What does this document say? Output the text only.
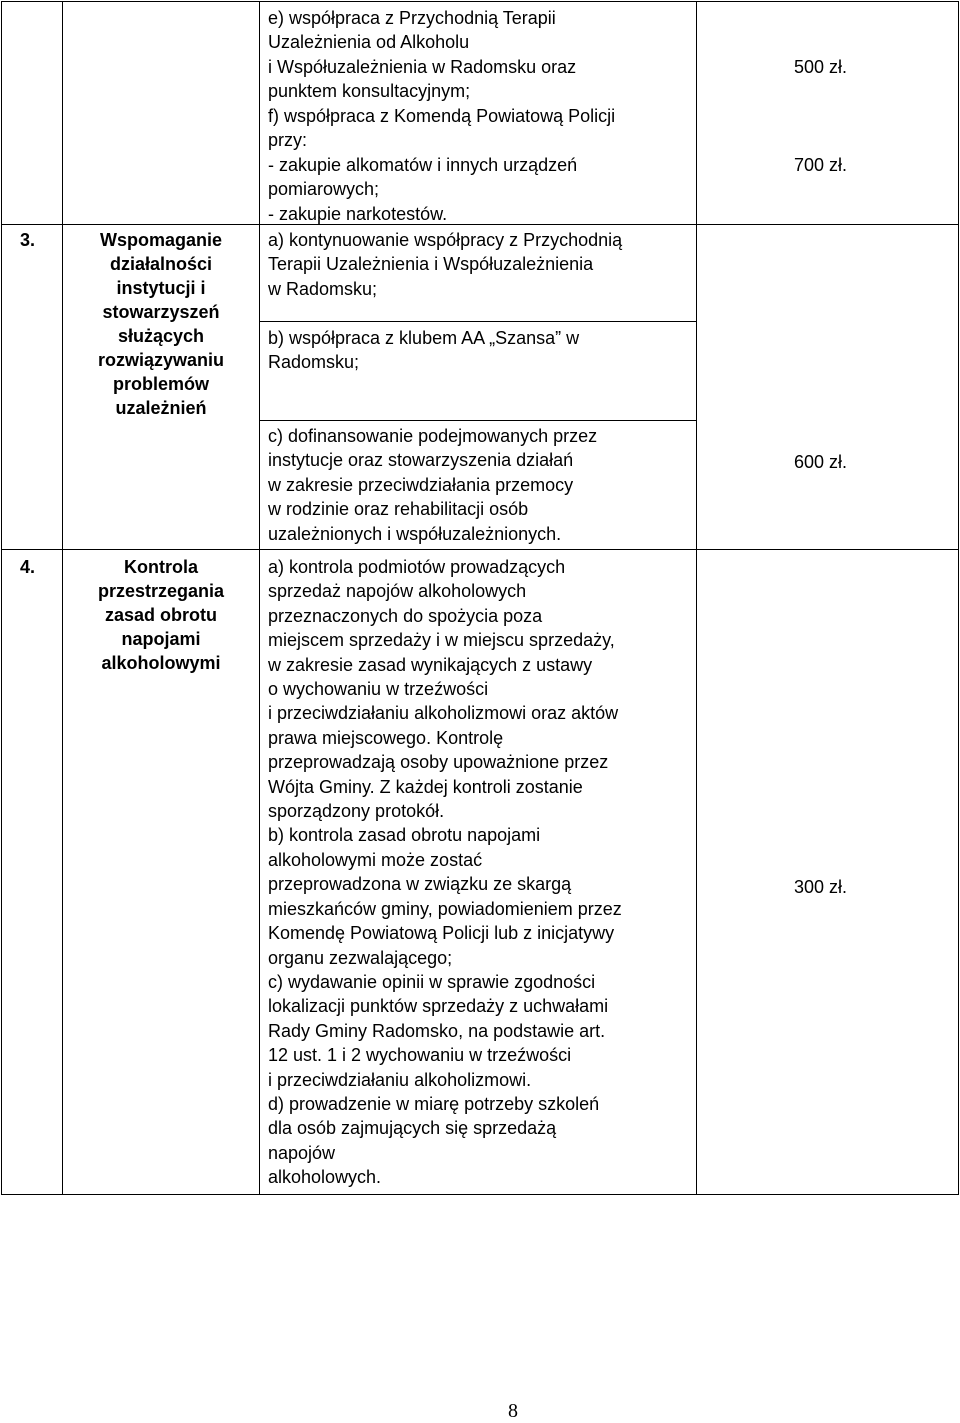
e) współpraca z Przychodnią Terapii
Uzależnienia od Alkoholu
i Współuzależnienia w Radomsku oraz
punktem konsultacyjnym;
f) współpraca z Komendą Powiatową Policji
przy:
- zakupie alkomatów i innych urządzeń
pomiarowych;
- zakupie narkotestów.
500 zł.
700 zł.
3.	Wspomaganie
działalności
instytucji i
stowarzyszeń
służących
rozwiązywaniu
problemów
uzależnień
a) kontynuowanie współpracy z Przychodnią
Terapii Uzależnienia i Współuzależnienia
w Radomsku;
b) współpraca z klubem AA „Szansa” w
Radomsku;
c) dofinansowanie podejmowanych przez
instytucje oraz stowarzyszenia działań
w zakresie przeciwdziałania przemocy
w rodzinie oraz rehabilitacji osób
uzależnionych i współuzależnionych.
600 zł.
4.	Kontrola
przestrzegania
zasad obrotu
napojami
alkoholowymi
a) kontrola podmiotów prowadzących
sprzedaż napojów alkoholowych
przeznaczonych do spożycia poza
miejscem sprzedaży i w miejscu sprzedaży,
w zakresie zasad wynikających z ustawy
o wychowaniu w trzeźwości
i przeciwdziałaniu alkoholizmowi oraz aktów
prawa miejscowego. Kontrolę
przeprowadzają osoby upoważnione przez
Wójta Gminy. Z każdej kontroli zostanie
sporządzony protokół.
b) kontrola zasad obrotu napojami
alkoholowymi może zostać
przeprowadzona w związku ze skargą
mieszkańców gminy, powiadomieniem przez
Komendę Powiatową Policji lub z inicjatywy
organu zezwalającego;
c) wydawanie opinii w sprawie zgodności
lokalizacji punktów sprzedaży z uchwałami
Rady Gminy Radomsko, na podstawie art.
12 ust. 1 i 2 wychowaniu w trzeźwości
i przeciwdziałaniu alkoholizmowi.
d) prowadzenie w miarę potrzeby szkoleń
dla osób zajmujących się sprzedażą
napojów
alkoholowych.
300 zł.
8
